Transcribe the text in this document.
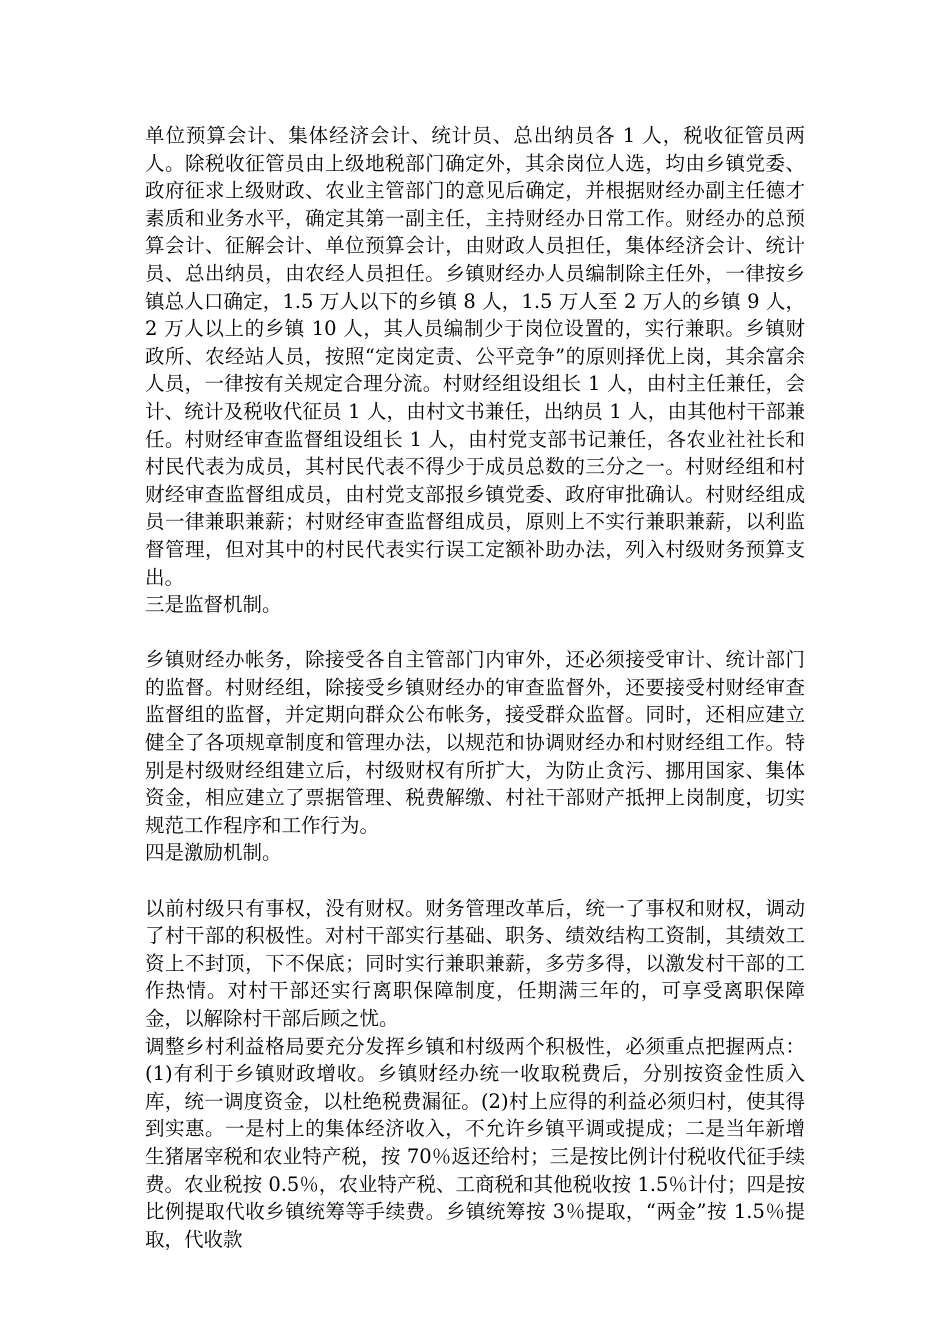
单位预算会计、集体经济会计、统计员、总出纳员各 1 人，税收征管员两人。除税收征管员由上级地税部门确定外，其余岗位人选，均由乡镇党委、政府征求上级财政、农业主管部门的意见后确定，并根据财经办副主任德才素质和业务水平，确定其第一副主任，主持财经办日常工作。财经办的总预算会计、征解会计、单位预算会计，由财政人员担任，集体经济会计、统计员、总出纳员，由农经人员担任。乡镇财经办人员编制除主任外，一律按乡镇总人口确定，1.5 万人以下的乡镇 8 人，1.5 万人至 2 万人的乡镇 9 人，2 万人以上的乡镇 10 人，其人员编制少于岗位设置的，实行兼职。乡镇财政所、农经站人员，按照“定岗定责、公平竞争”的原则择优上岗，其余富余人员，一律按有关规定合理分流。村财经组设组长 1 人，由村主任兼任，会计、统计及税收代征员 1 人，由村文书兼任，出纳员 1 人，由其他村干部兼任。村财经审查监督组设组长 1 人，由村党支部书记兼任，各农业社社长和村民代表为成员，其村民代表不得少于成员总数的三分之一。村财经组和村财经审查监督组成员，由村党支部报乡镇党委、政府审批确认。村财经组成员一律兼职兼薪；村财经审查监督组成员，原则上不实行兼职兼薪，以利监督管理，但对其中的村民代表实行误工定额补助办法，列入村级财务预算支出。

三是监督机制。

乡镇财经办帐务，除接受各自主管部门内审外，还必须接受审计、统计部门的监督。村财经组，除接受乡镇财经办的审查监督外，还要接受村财经审查监督组的监督，并定期向群众公布帐务，接受群众监督。同时，还相应建立健全了各项规章制度和管理办法，以规范和协调财经办和村财经组工作。特别是村级财经组建立后，村级财权有所扩大，为防止贪污、挪用国家、集体资金，相应建立了票据管理、税费解缴、村社干部财产抵押上岗制度，切实规范工作程序和工作行为。

四是激励机制。

以前村级只有事权，没有财权。财务管理改革后，统一了事权和财权，调动了村干部的积极性。对村干部实行基础、职务、绩效结构工资制，其绩效工资上不封顶，下不保底；同时实行兼职兼薪，多劳多得，以激发村干部的工作热情。对村干部还实行离职保障制度，任期满三年的，可享受离职保障金，以解除村干部后顾之忧。

调整乡村利益格局要充分发挥乡镇和村级两个积极性，必须重点把握两点：(1)有利于乡镇财政增收。乡镇财经办统一收取税费后，分别按资金性质入库，统一调度资金，以杜绝税费漏征。(2)村上应得的利益必须归村，使其得到实惠。一是村上的集体经济收入，不允许乡镇平调或提成；二是当年新增生猪屠宰税和农业特产税，按 70％返还给村；三是按比例计付税收代征手续费。农业税按 0.5％，农业特产税、工商税和其他税收按 1.5％计付；四是按比例提取代收乡镇统筹等手续费。乡镇统筹按 3％提取，“两金”按 1.5％提取，代收款
